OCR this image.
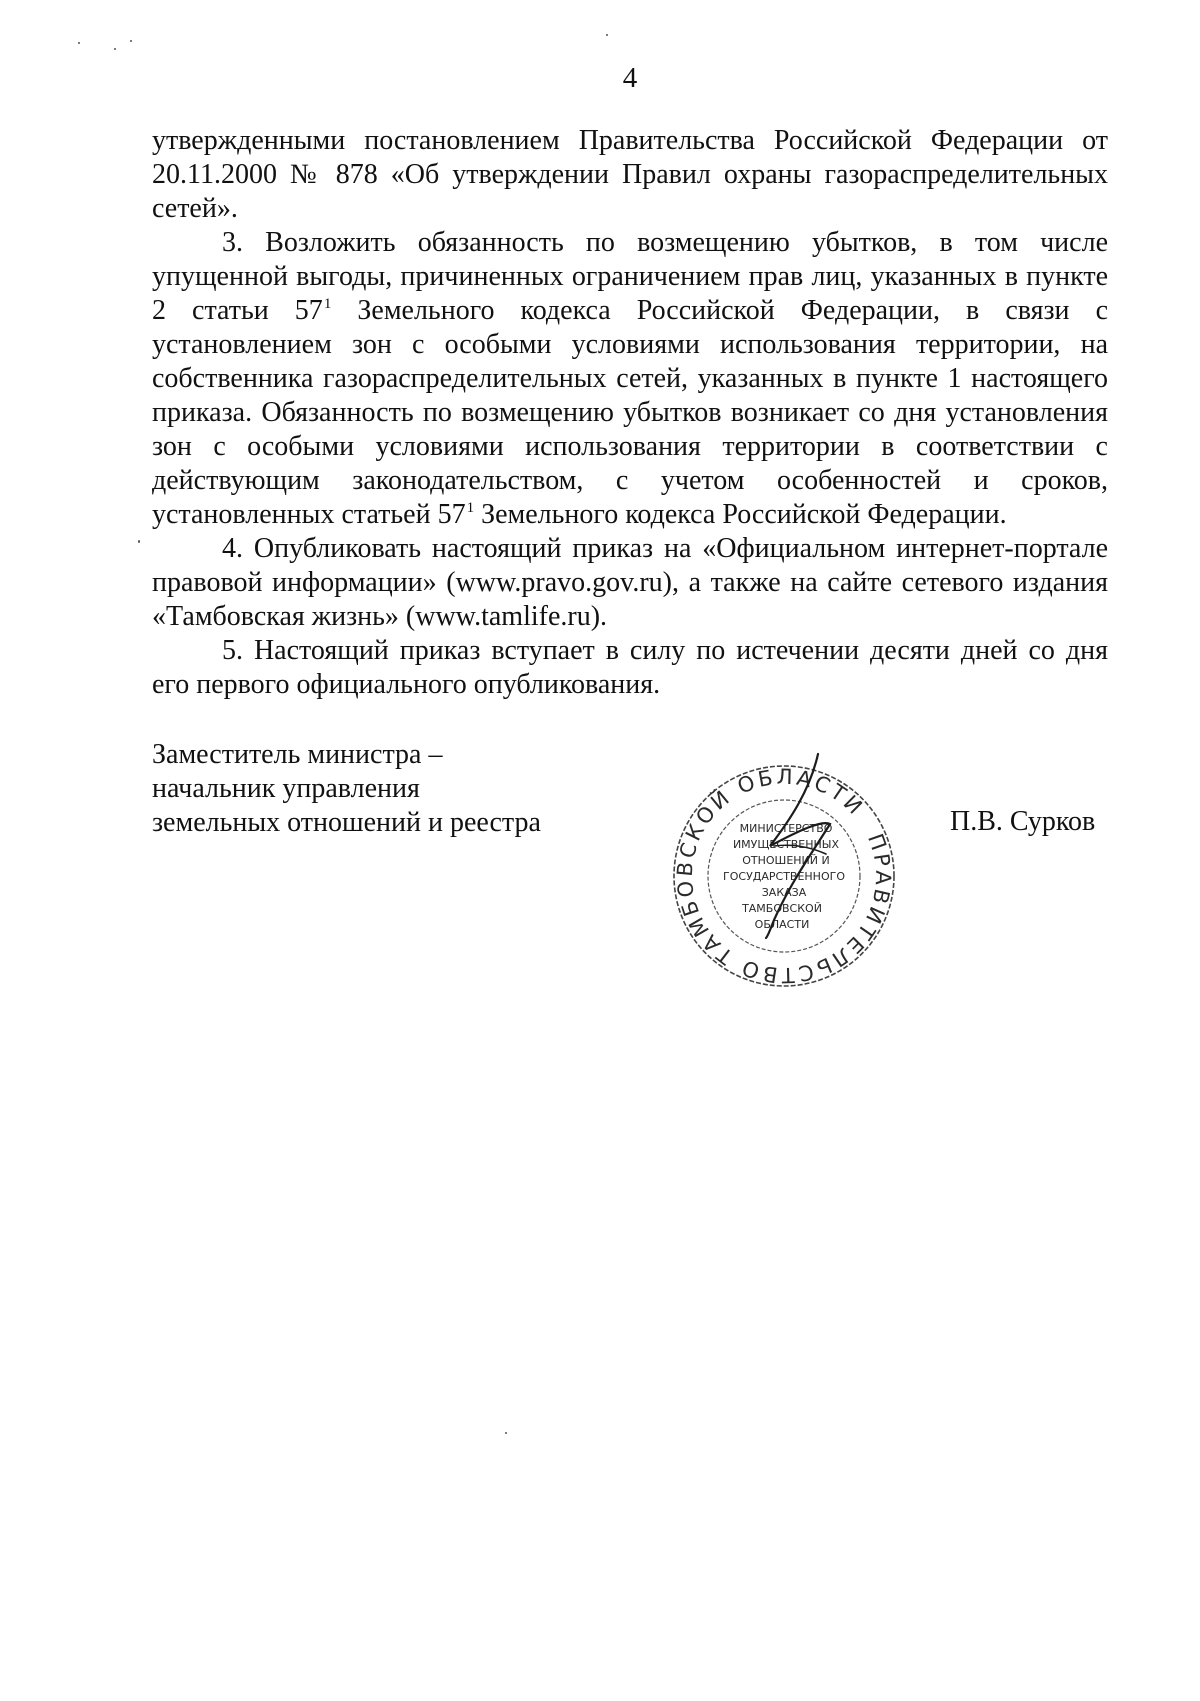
4

утвержденными постановлением Правительства Российской Федерации от 20.11.2000 № 878 «Об утверждении Правил охраны газораспределительных сетей».

3. Возложить обязанность по возмещению убытков, в том числе упущенной выгоды, причиненных ограничением прав лиц, указанных в пункте 2 статьи $57^1$ Земельного кодекса Российской Федерации, в связи с установлением зон с особыми условиями использования территории, на собственника газораспределительных сетей, указанных в пункте 1 настоящего приказа. Обязанность по возмещению убытков возникает со дня установления зон с особыми условиями использования территории в соответствии с действующим законодательством, с учетом особенностей и сроков, установленных статьей $57^1$ Земельного кодекса Российской Федерации.

4. Опубликовать настоящий приказ на «Официальном интернет-портале правовой информации» (www.pravo.gov.ru), а также на сайте сетевого издания «Тамбовская жизнь» (www.tamlife.ru).

5. Настоящий приказ вступает в силу по истечении десяти дней со дня его первого официального опубликования.

Заместитель министра –
начальник управления
земельных отношений и реестра
ПРАВИТЕЛЬСТВО ТАМБОВСКОЙ ОБЛАСТИ
МИНИСТЕРСТВО
ИМУЩЕСТВЕННЫХ
ОТНОШЕНИЙ И
ГОСУДАРСТВЕННОГО
ЗАКАЗА
ТАМБОВСКОЙ
ОБЛАСТИ
П.В. Сурков
